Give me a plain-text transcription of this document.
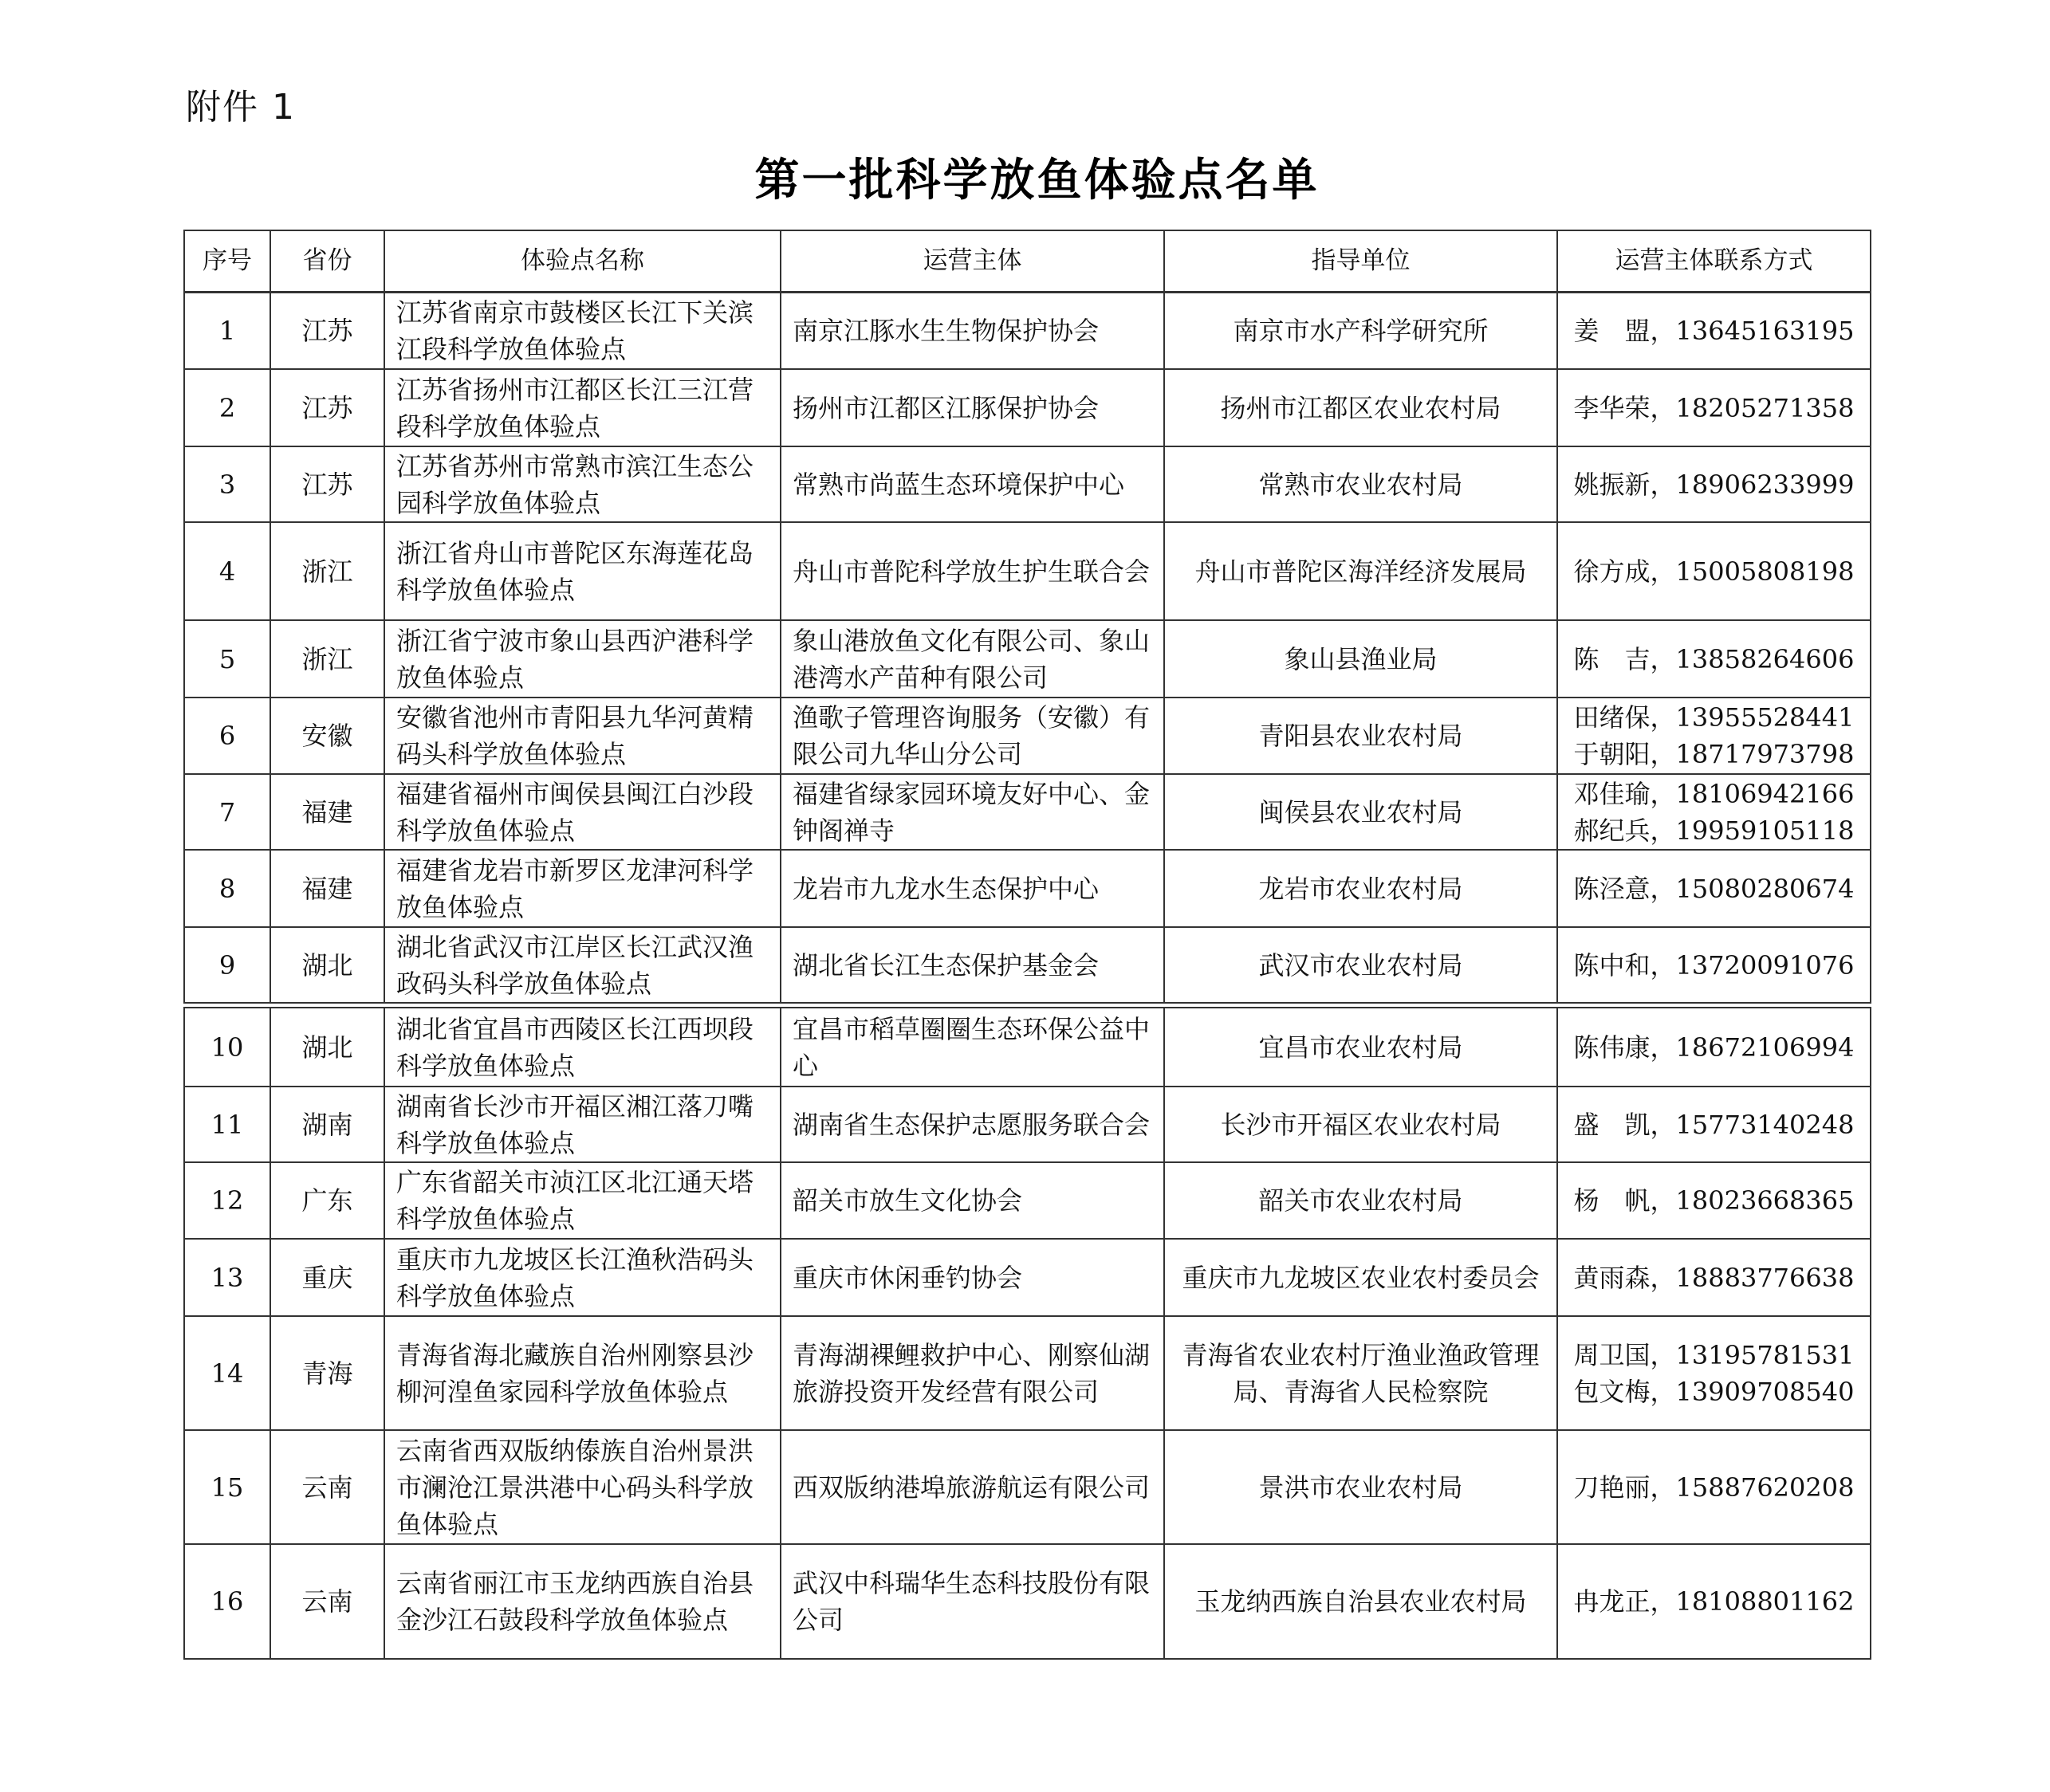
附件 1
第一批科学放鱼体验点名单
序号	省份	体验点名称	运营主体	指导单位	运营主体联系方式
1	江苏	江苏省南京市鼓楼区长江下关滨江段科学放鱼体验点	南京江豚水生生物保护协会	南京市水产科学研究所	姜　盟，13645163195

2	江苏	江苏省扬州市江都区长江三江营段科学放鱼体验点	扬州市江都区江豚保护协会	扬州市江都区农业农村局	李华荣，18205271358

3	江苏	江苏省苏州市常熟市滨江生态公园科学放鱼体验点	常熟市尚蓝生态环境保护中心	常熟市农业农村局	姚振新，18906233999

4	浙江	浙江省舟山市普陀区东海莲花岛科学放鱼体验点	舟山市普陀科学放生护生联合会	舟山市普陀区海洋经济发展局	徐方成，15005808198

5	浙江	浙江省宁波市象山县西沪港科学放鱼体验点	象山港放鱼文化有限公司、象山港湾水产苗种有限公司	象山县渔业局	陈　吉，13858264606

6	安徽	安徽省池州市青阳县九华河黄精码头科学放鱼体验点	渔歌子管理咨询服务（安徽）有限公司九华山分公司	青阳县农业农村局	田绪保，13955528441
于朝阳，18717973798

7	福建	福建省福州市闽侯县闽江白沙段科学放鱼体验点	福建省绿家园环境友好中心、金钟阁禅寺	闽侯县农业农村局	邓佳瑜，18106942166
郝纪兵，19959105118

8	福建	福建省龙岩市新罗区龙津河科学放鱼体验点	龙岩市九龙水生态保护中心	龙岩市农业农村局	陈泾意，15080280674

9	湖北	湖北省武汉市江岸区长江武汉渔政码头科学放鱼体验点	湖北省长江生态保护基金会	武汉市农业农村局	陈中和，13720091076
10	湖北	湖北省宜昌市西陵区长江西坝段科学放鱼体验点	宜昌市稻草圈圈生态环保公益中心	宜昌市农业农村局	陈伟康，18672106994

11	湖南	湖南省长沙市开福区湘江落刀嘴科学放鱼体验点	湖南省生态保护志愿服务联合会	长沙市开福区农业农村局	盛　凯，15773140248

12	广东	广东省韶关市浈江区北江通天塔科学放鱼体验点	韶关市放生文化协会	韶关市农业农村局	杨　帆，18023668365

13	重庆	重庆市九龙坡区长江渔秋浩码头科学放鱼体验点	重庆市休闲垂钓协会	重庆市九龙坡区农业农村委员会	黄雨森，18883776638

14	青海	青海省海北藏族自治州刚察县沙柳河湟鱼家园科学放鱼体验点	青海湖裸鲤救护中心、刚察仙湖旅游投资开发经营有限公司	青海省农业农村厅渔业渔政管理局、青海省人民检察院	周卫国，13195781531
包文梅，13909708540

15	云南	云南省西双版纳傣族自治州景洪市澜沧江景洪港中心码头科学放鱼体验点	西双版纳港埠旅游航运有限公司	景洪市农业农村局	刀艳丽，15887620208

16	云南	云南省丽江市玉龙纳西族自治县金沙江石鼓段科学放鱼体验点	武汉中科瑞华生态科技股份有限公司	玉龙纳西族自治县农业农村局	冉龙正，18108801162
